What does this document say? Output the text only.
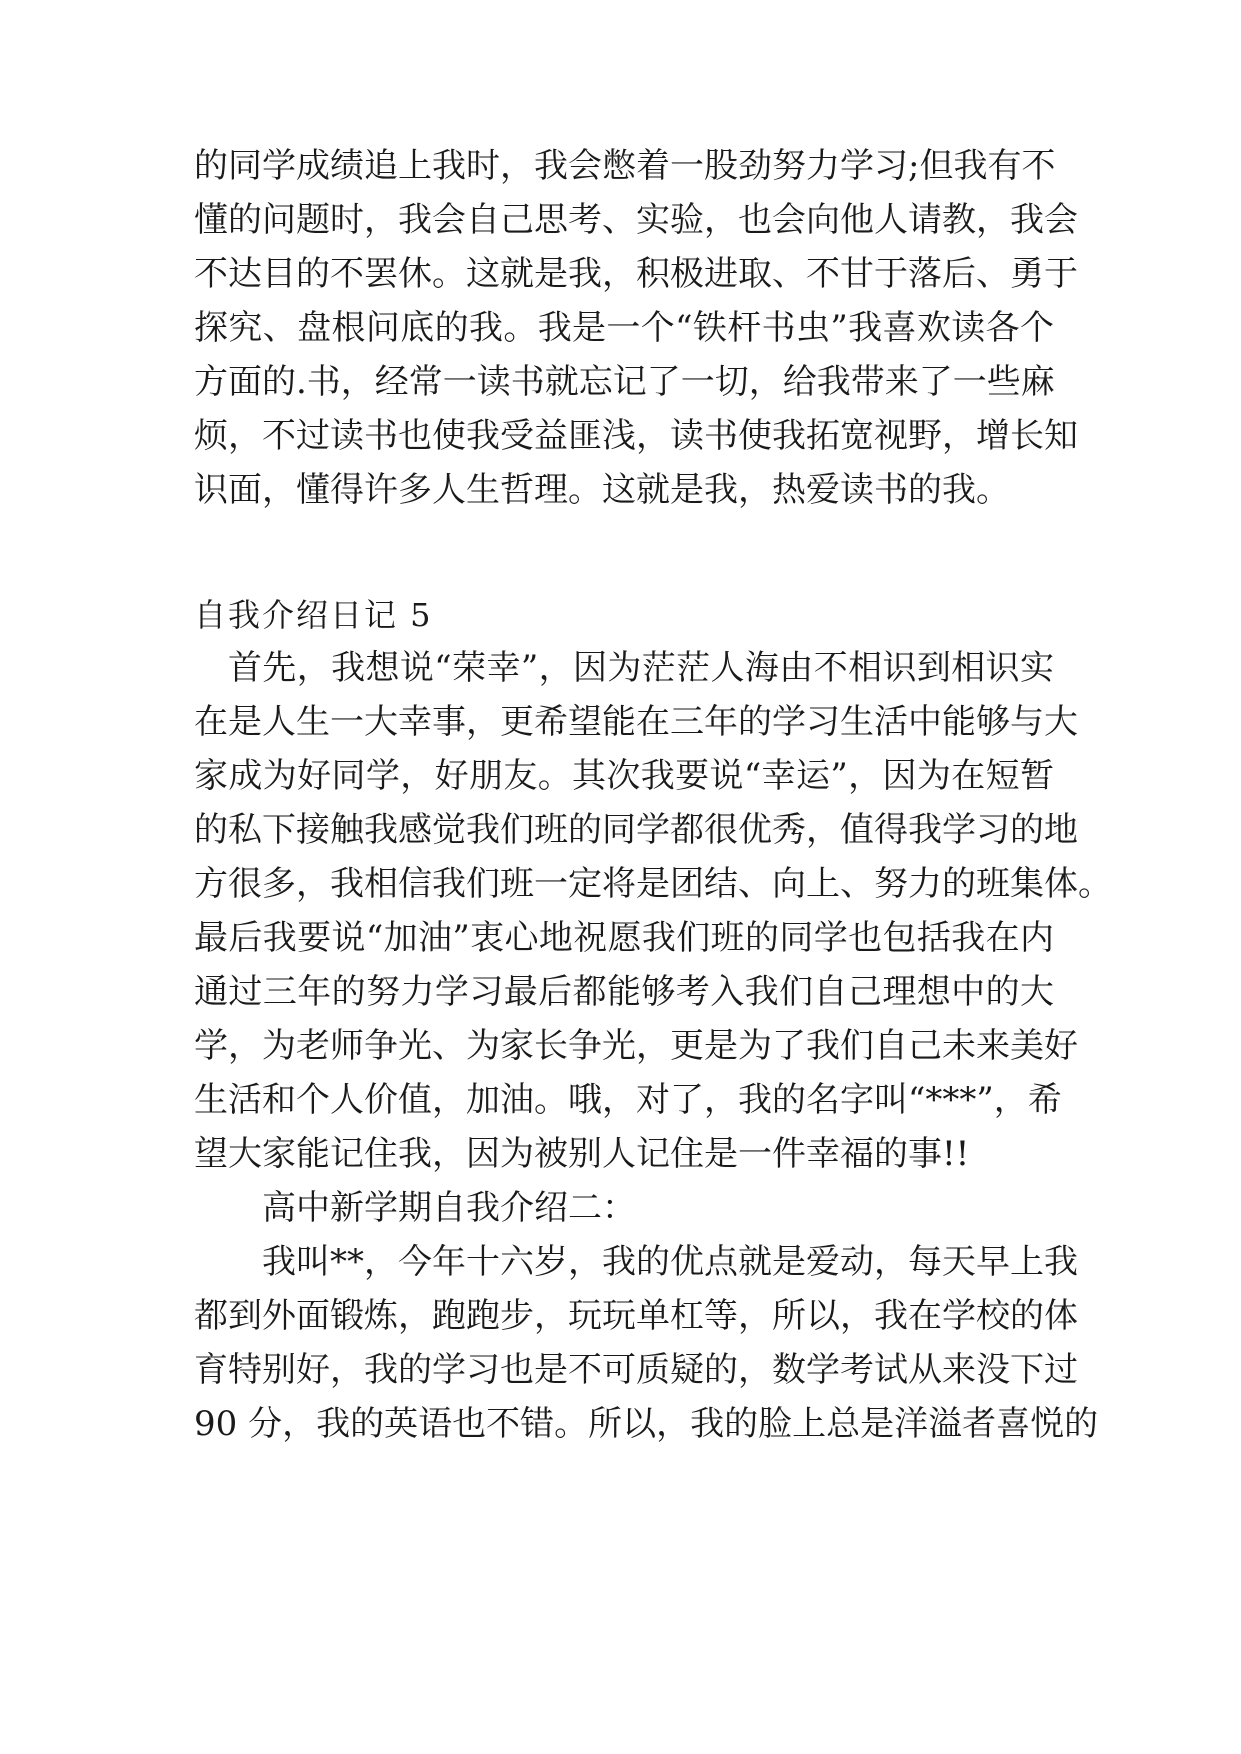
的同学成绩追上我时，我会憋着一股劲努力学习;但我有不
懂的问题时，我会自己思考、实验，也会向他人请教，我会
不达目的不罢休。这就是我，积极进取、不甘于落后、勇于
探究、盘根问底的我。我是一个“铁杆书虫”我喜欢读各个
方面的.书，经常一读书就忘记了一切，给我带来了一些麻
烦，不过读书也使我受益匪浅，读书使我拓宽视野，增长知
识面，懂得许多人生哲理。这就是我，热爱读书的我。
自我介绍日记 5
首先，我想说“荣幸”，因为茫茫人海由不相识到相识实
在是人生一大幸事，更希望能在三年的学习生活中能够与大
家成为好同学，好朋友。其次我要说“幸运”，因为在短暂
的私下接触我感觉我们班的同学都很优秀，值得我学习的地
方很多，我相信我们班一定将是团结、向上、努力的班集体。
最后我要说“加油”衷心地祝愿我们班的同学也包括我在内
通过三年的努力学习最后都能够考入我们自己理想中的大
学，为老师争光、为家长争光，更是为了我们自己未来美好
生活和个人价值，加油。哦，对了，我的名字叫“***”，希
望大家能记住我，因为被别人记住是一件幸福的事!!
高中新学期自我介绍二：
我叫**，今年十六岁，我的优点就是爱动，每天早上我
都到外面锻炼，跑跑步，玩玩单杠等，所以，我在学校的体
育特别好，我的学习也是不可质疑的，数学考试从来没下过
90 分，我的英语也不错。所以，我的脸上总是洋溢者喜悦的
